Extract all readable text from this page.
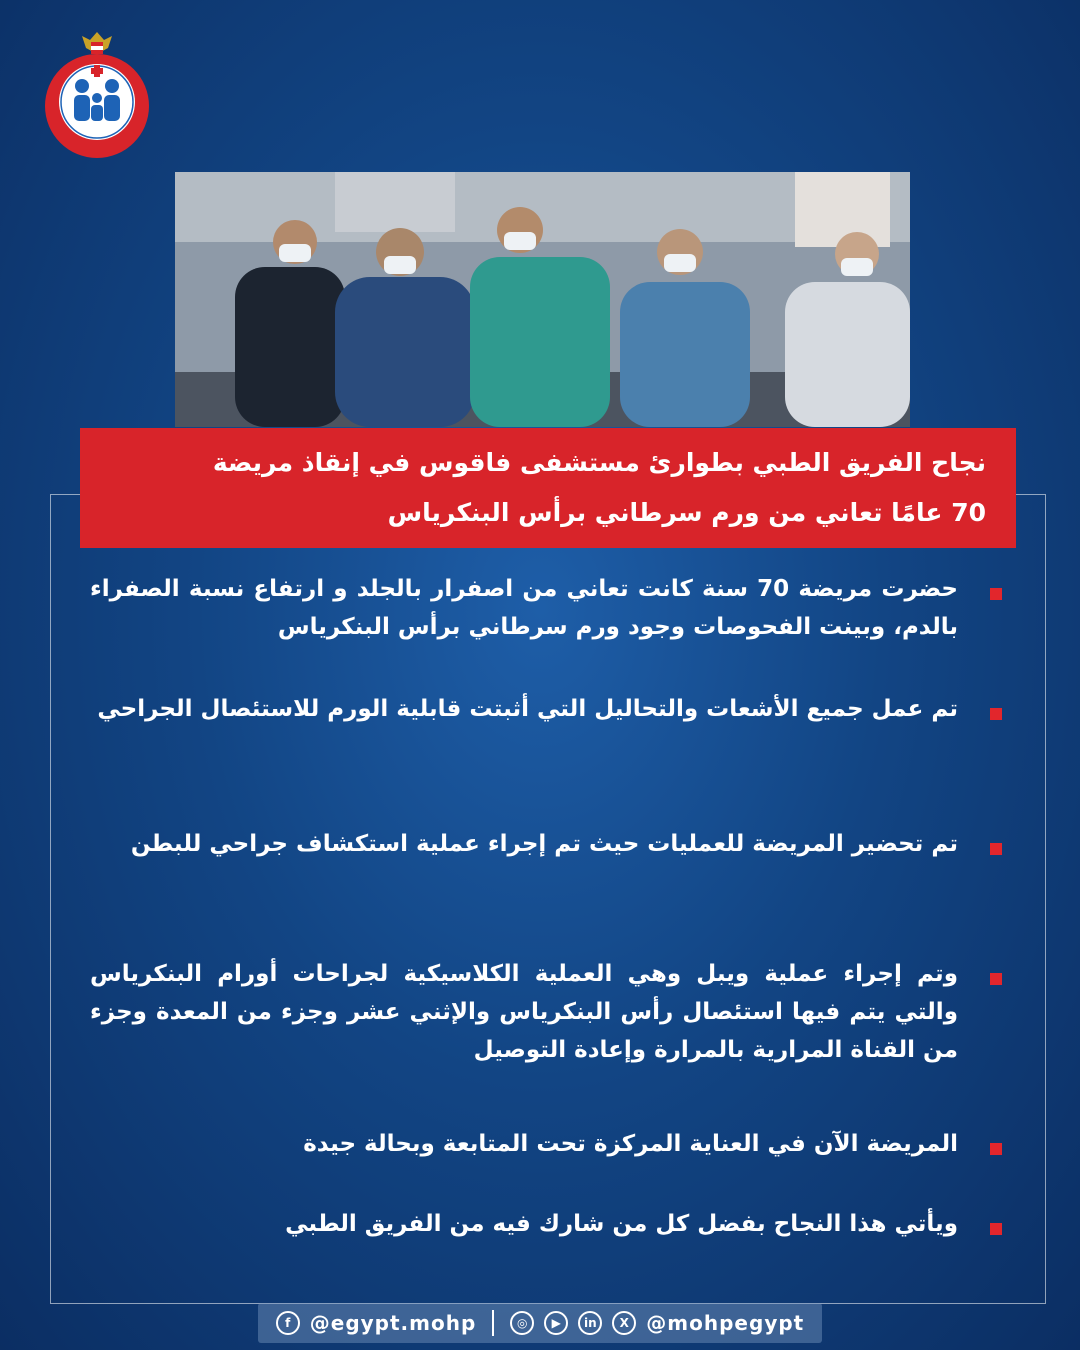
نجاح الفريق الطبي بطوارئ مستشفى فاقوس في إنقاذ مريضة
70 عامًا تعاني من ورم سرطاني برأس البنكرياس
حضرت مريضة 70 سنة كانت تعاني من اصفرار بالجلد و ارتفاع نسبة الصفراء بالدم، وبينت الفحوصات وجود ورم سرطاني برأس البنكرياس
تم عمل جميع الأشعات والتحاليل التي أثبتت قابلية الورم للاستئصال الجراحي
تم تحضير المريضة للعمليات حيث تم إجراء عملية استكشاف جراحي للبطن
وتم إجراء عملية ويبل وهي العملية الكلاسيكية لجراحات أورام البنكرياس والتي يتم فيها استئصال رأس البنكرياس والإثني عشر وجزء من المعدة وجزء من القناة المرارية بالمرارة وإعادة التوصيل
المريضة الآن في العناية المركزة تحت المتابعة وبحالة جيدة
ويأتي هذا النجاح بفضل كل من شارك فيه من الفريق الطبي
f @egypt.mohp	◎	▶	in	X @mohpegypt
